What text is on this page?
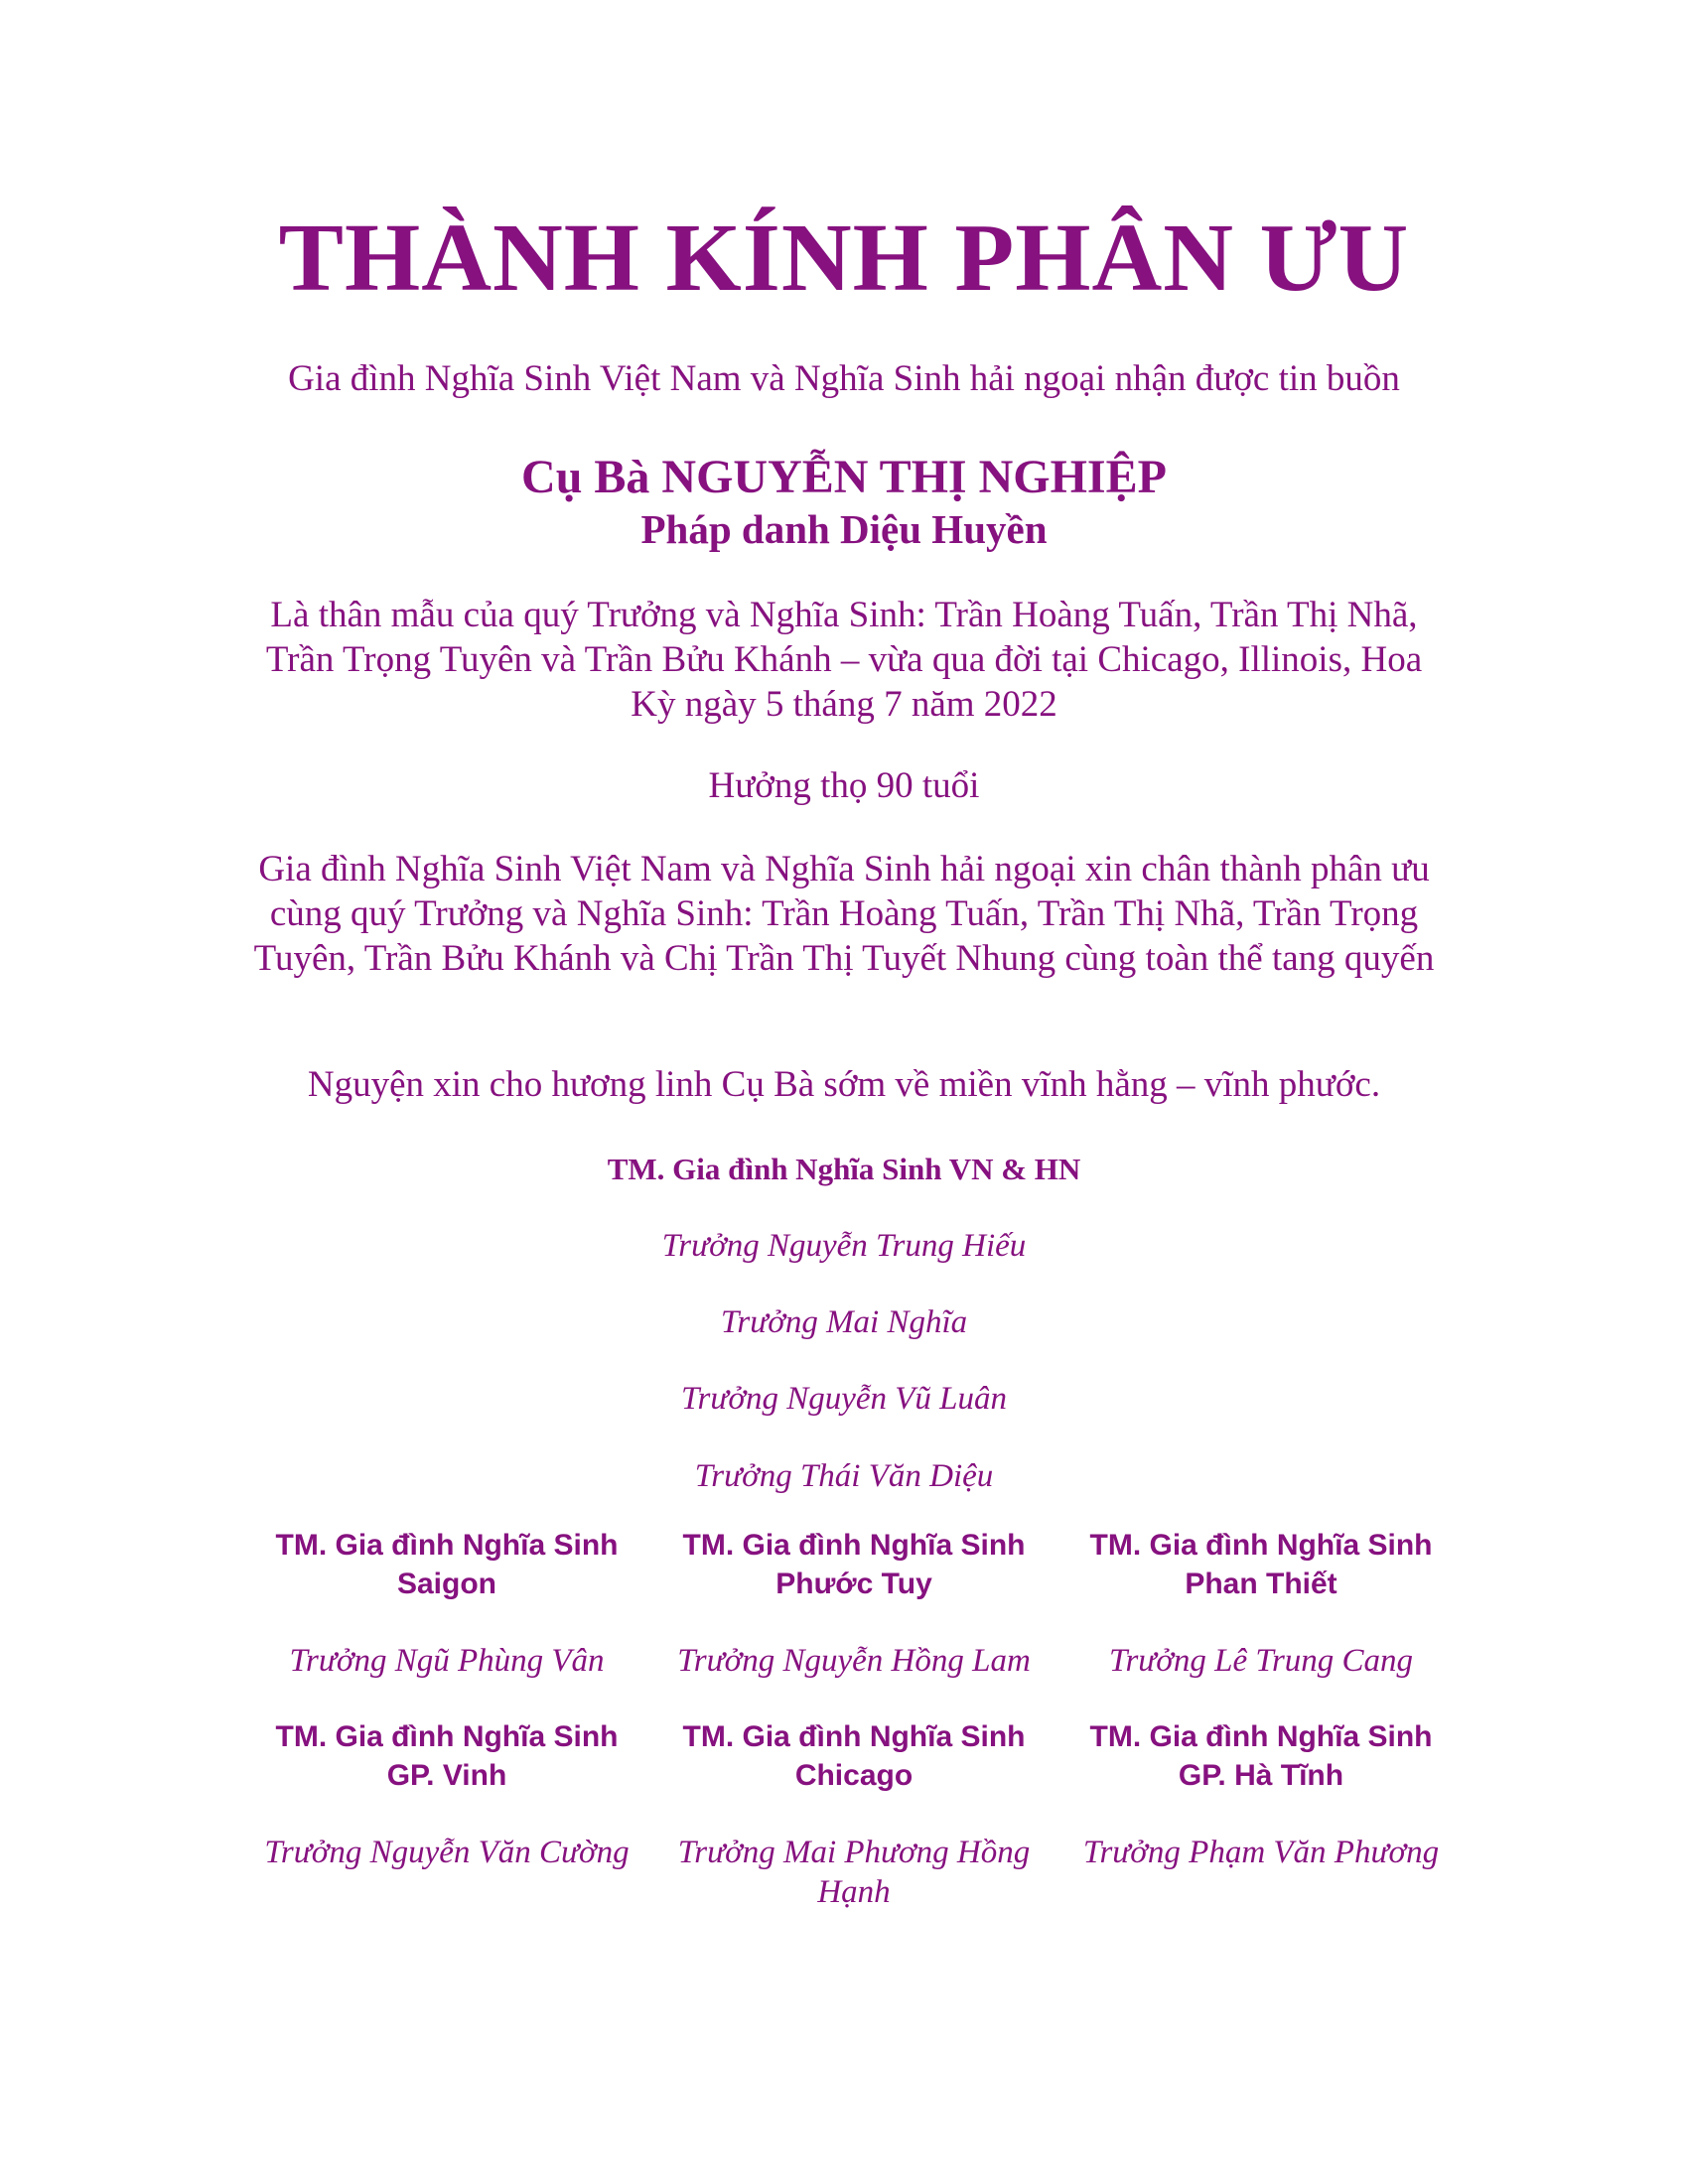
THÀNH KÍNH PHÂN ƯU
Gia đình Nghĩa Sinh Việt Nam và Nghĩa Sinh hải ngoại nhận được tin buồn
Cụ Bà NGUYỄN THỊ NGHIỆP
Pháp danh Diệu Huyền
Là thân mẫu của quý Trưởng và Nghĩa Sinh: Trần Hoàng Tuấn, Trần Thị Nhã, Trần Trọng Tuyên và Trần Bửu Khánh – vừa qua đời tại Chicago, Illinois, Hoa Kỳ ngày 5 tháng 7 năm 2022
Hưởng thọ 90 tuổi
Gia đình Nghĩa Sinh Việt Nam và Nghĩa Sinh hải ngoại xin chân thành phân ưu cùng quý Trưởng và Nghĩa Sinh: Trần Hoàng Tuấn, Trần Thị Nhã, Trần Trọng Tuyên, Trần Bửu Khánh và Chị Trần Thị Tuyết Nhung cùng toàn thể tang quyến
Nguyện xin cho hương linh Cụ Bà sớm về miền vĩnh hằng – vĩnh phước.
TM. Gia đình Nghĩa Sinh VN & HN
Trưởng Nguyễn Trung Hiếu
Trưởng Mai Nghĩa
Trưởng Nguyễn Vũ Luân
Trưởng Thái Văn Diệu
TM. Gia đình Nghĩa Sinh
Saigon
Trưởng Ngũ Phùng Vân
TM. Gia đình Nghĩa Sinh
Phước Tuy
Trưởng Nguyễn Hồng Lam
TM. Gia đình Nghĩa Sinh
Phan Thiết
Trưởng Lê Trung Cang
TM. Gia đình Nghĩa Sinh
GP. Vinh
Trưởng Nguyễn Văn Cường
TM. Gia đình Nghĩa Sinh
Chicago
Trưởng Mai Phương Hồng Hạnh
TM. Gia đình Nghĩa Sinh
GP. Hà Tĩnh
Trưởng Phạm Văn Phương
